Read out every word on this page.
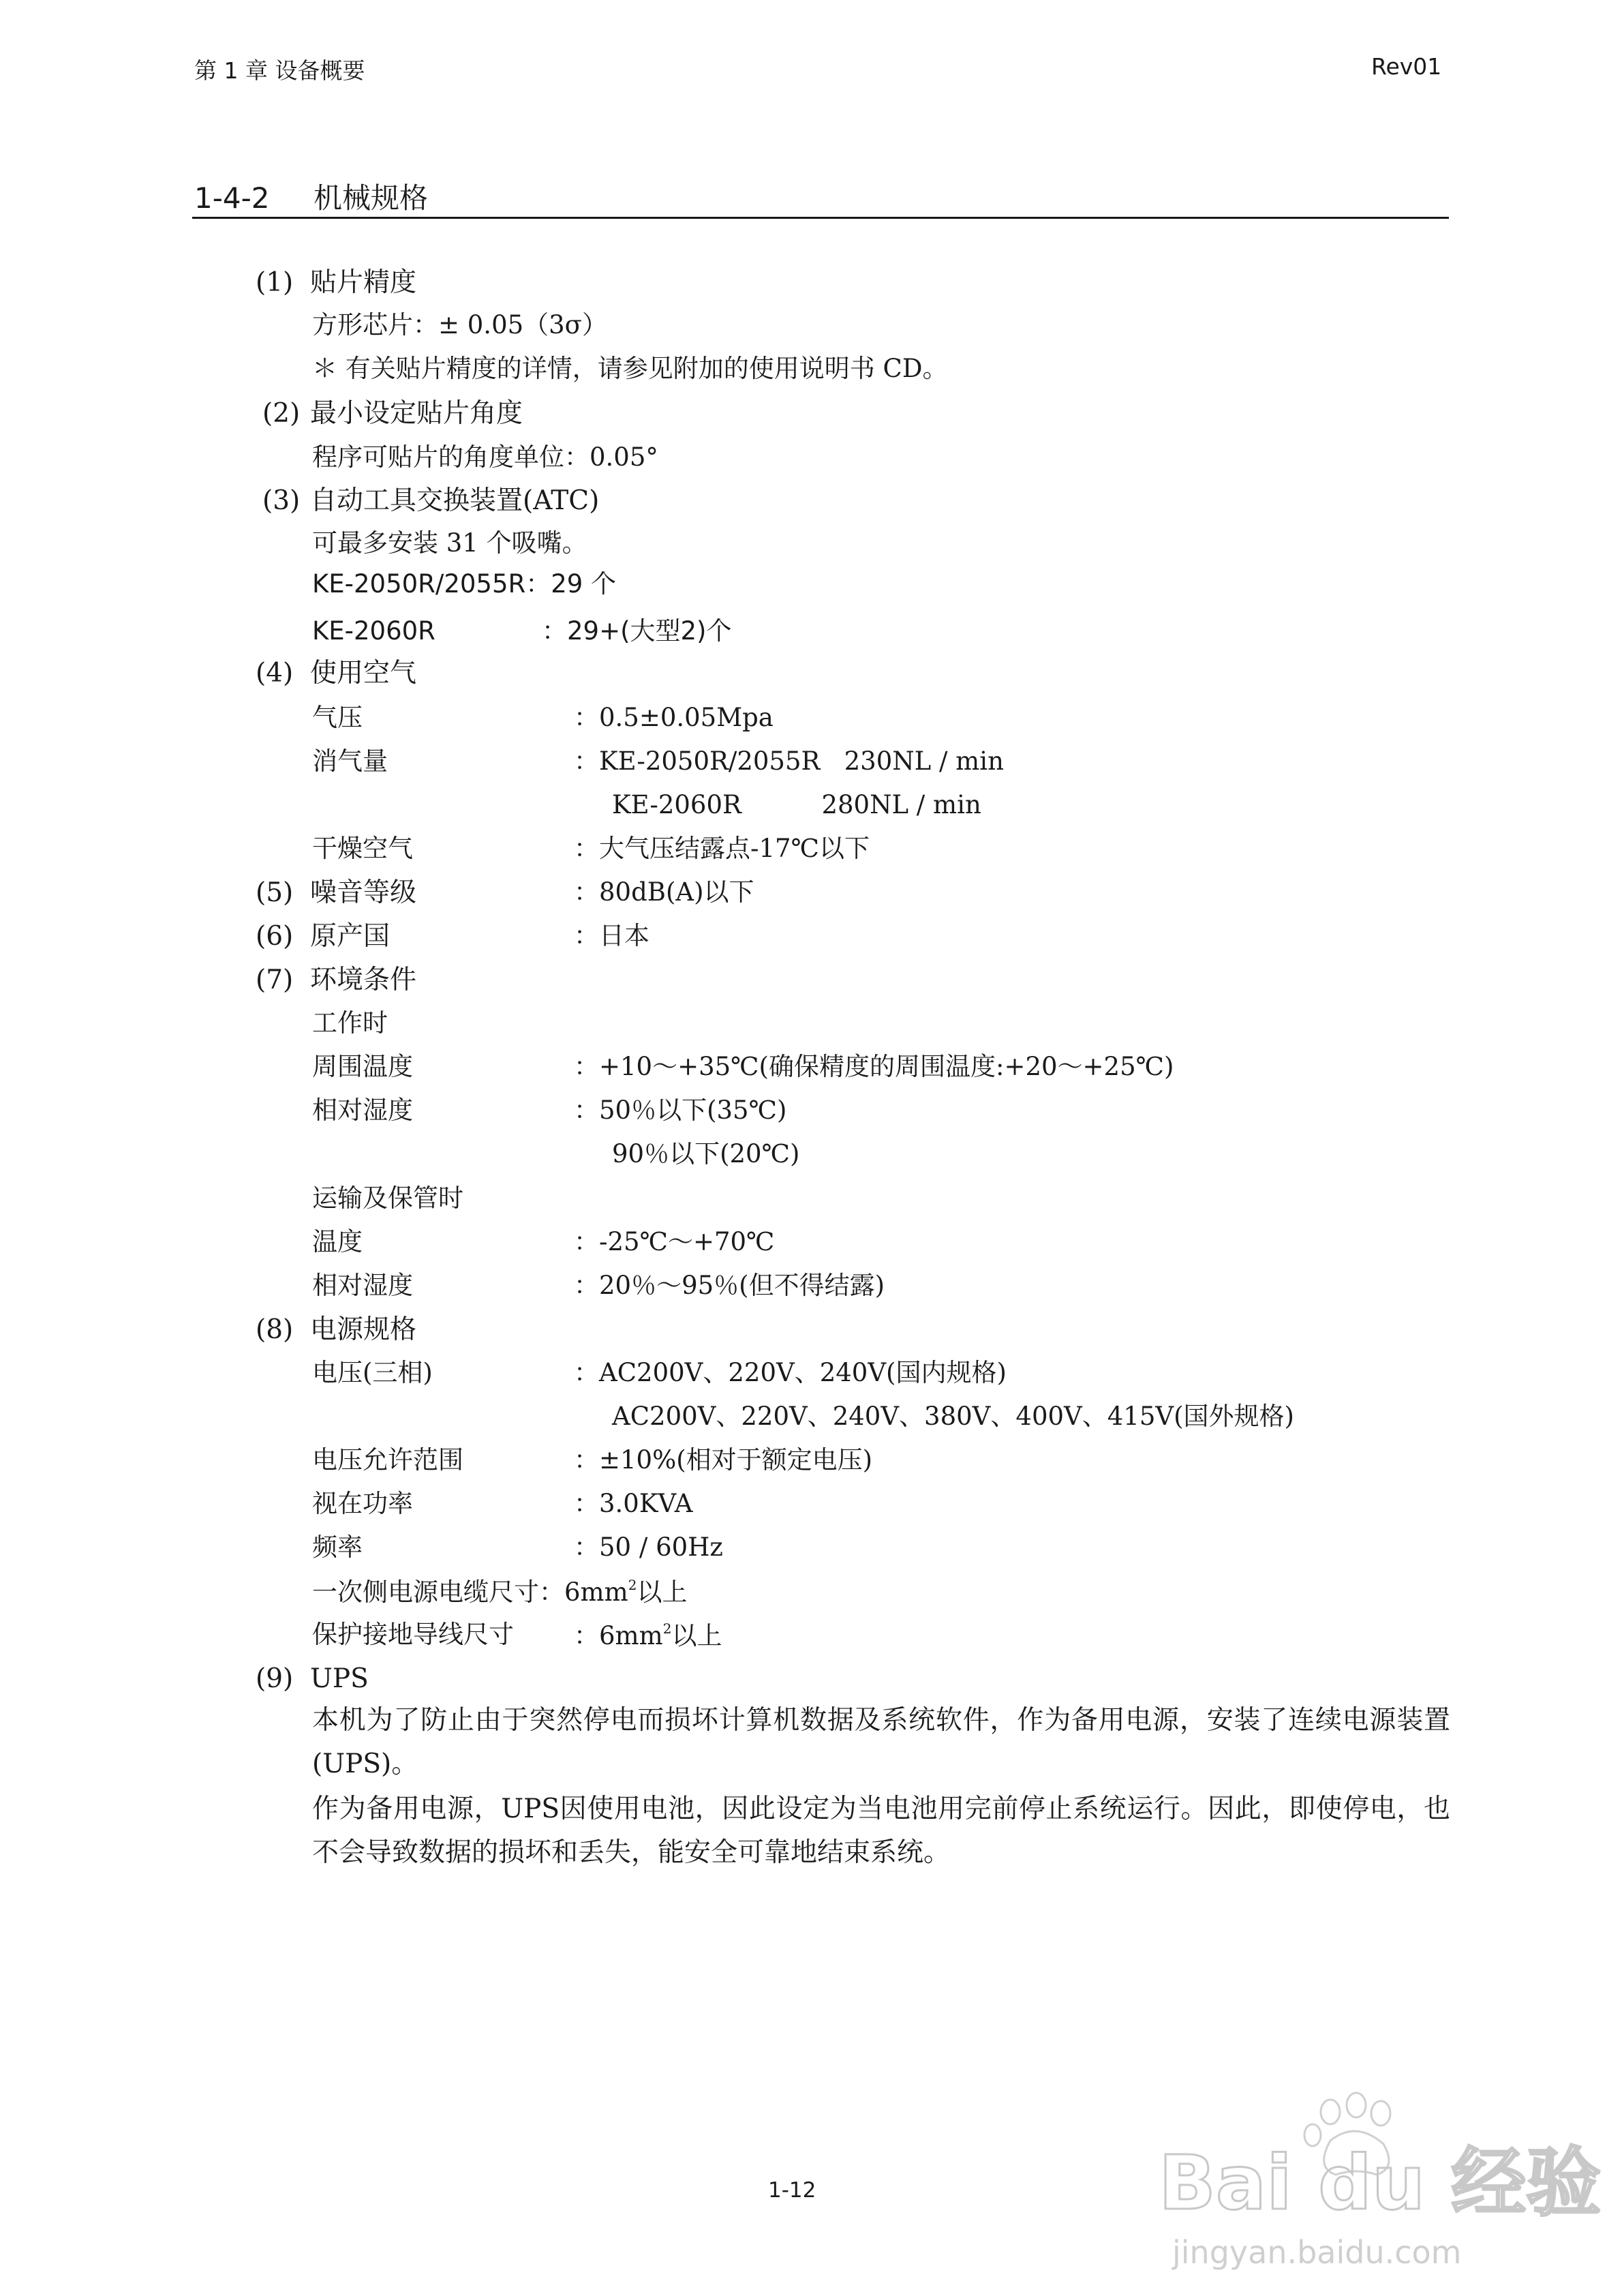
第 1 章 设备概要	Rev01
1-4-2 机械规格
(1) 贴片精度
方形芯片：± 0.05（3σ）
＊ 有关贴片精度的详情，请参见附加的使用说明书 CD。
(2) 最小设定贴片角度
程序可贴片的角度单位：0.05°
(3) 自动工具交换装置(ATC)
可最多安装 31 个吸嘴。
KE-2050R/2055R：29 个
KE-2060R	：29+(大型2)个
(4) 使用空气
气压	：0.5±0.05Mpa
消气量	：KE-2050R/2055R   230NL / min
KE-2060R          280NL / min
干燥空气	：大气压结露点-17℃以下
(5) 噪音等级	：80dB(A)以下
(6) 原产国	：日本
(7) 环境条件
工作时
周围温度	：+10～+35℃(确保精度的周围温度:+20～+25℃)
相对湿度	：50％以下(35℃)
90％以下(20℃)
运输及保管时
温度	：-25℃～+70℃
相对湿度	：20％～95％(但不得结露)
(8) 电源规格
电压(三相)	：AC200V、220V、240V(国内规格)
AC200V、220V、240V、380V、400V、415V(国外规格)
电压允许范围	：±10%(相对于额定电压)
视在功率	：3.0KVA
频率	：50 / 60Hz
一次侧电源电缆尺寸：$6mm^2$以上
保护接地导线尺寸 ：$6mm^2$以上
(9) UPS
本机为了防止由于突然停电而损坏计算机数据及系统软件，作为备用电源，安装了连续电源装置(UPS)。
作为备用电源，UPS因使用电池，因此设定为当电池用完前停止系统运行。因此，即使停电，也不会导致数据的损坏和丢失，能安全可靠地结束系统。
1-12	Bai du 经验
jingyan.baidu.com
